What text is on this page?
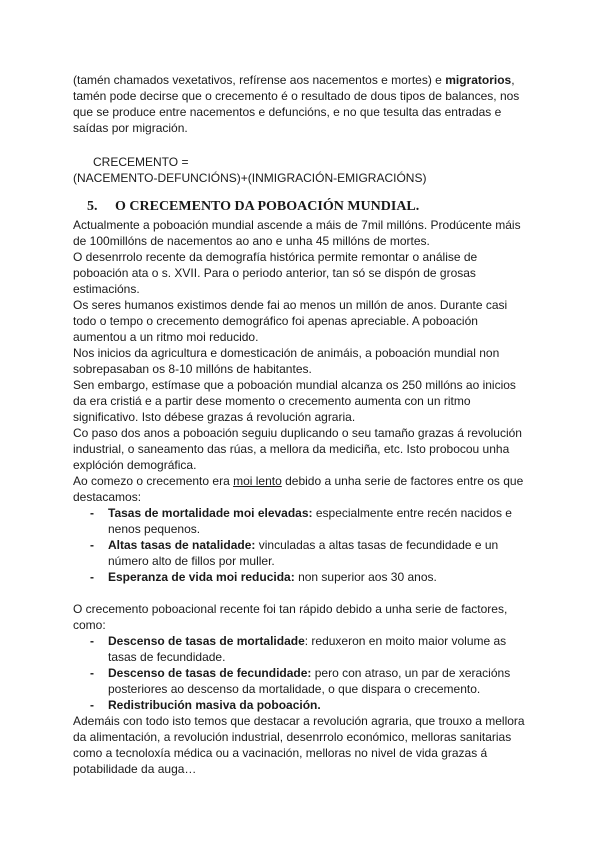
(tamén chamados vexetativos, refírense aos nacementos e mortes) e migratorios, tamén pode decirse que o crecemento é o resultado de dous tipos de balances, nos que se produce entre nacementos e defuncións, e no que tesulta das entradas e saídas por migración.

CRECEMENTO =
(NACEMENTO-DEFUNCIÓNS)+(INMIGRACIÓN-EMIGRACIÓNS)
5. O CRECEMENTO DA POBOACIÓN MUNDIAL.

Actualmente a poboación mundial ascende a máis de 7mil millóns. Prodúcente máis de 100millóns de nacementos ao ano e unha 45 millóns de mortes.

O desenrrolo recente da demografía histórica permite remontar o análise de poboación ata o s. XVII. Para o periodo anterior, tan só se dispón de grosas estimacións.

Os seres humanos existimos dende fai ao menos un millón de anos. Durante casi todo o tempo o crecemento demográfico foi apenas apreciable. A poboación aumentou a un ritmo moi reducido.

Nos inicios da agricultura e domesticación de animáis, a poboación mundial non sobrepasaban os 8-10 millóns de habitantes.

Sen embargo, estímase que a poboación mundial alcanza os 250 millóns ao inicios da era cristiá e a partir dese momento o crecemento aumenta con un ritmo significativo. Isto débese grazas á revolución agraria.

Co paso dos anos a poboación seguiu duplicando o seu tamaño grazas á revolución industrial, o saneamento das rúas, a mellora da mediciña, etc. Isto probocou unha explóción demográfica.

Ao comezo o crecemento era moi lento debido a unha serie de factores entre os que destacamos:

- Tasas de mortalidade moi elevadas: especialmente entre recén nacidos e nenos pequenos.
- Altas tasas de natalidade: vinculadas a altas tasas de fecundidade e un número alto de fillos por muller.
- Esperanza de vida moi reducida: non superior aos 30 anos.

O crecemento poboacional recente foi tan rápido debido a unha serie de factores, como:

- Descenso de tasas de mortalidade: reduxeron en moito maior volume as tasas de fecundidade.
- Descenso de tasas de fecundidade: pero con atraso, un par de xeracións posteriores ao descenso da mortalidade, o que dispara o crecemento.
- Redistribución masiva da poboación.

Ademáis con todo isto temos que destacar a revolución agraria, que trouxo a mellora da alimentación, a revolución industrial, desenrrolo económico, melloras sanitarias como a tecnoloxía médica ou a vacinación, melloras no nivel de vida grazas á potabilidade da auga…
